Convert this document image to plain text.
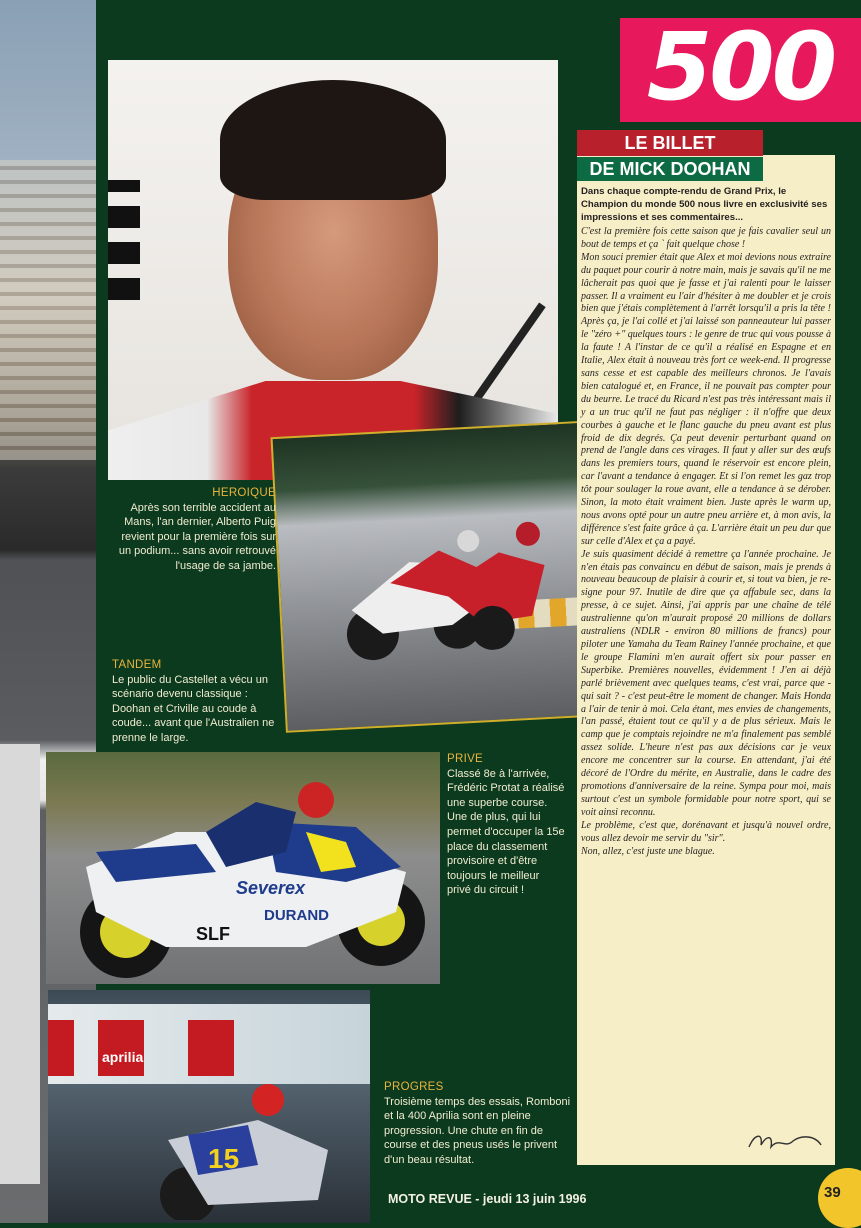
Severex
DURAND
SLF
aprilia
15
500
Dans chaque compte-rendu de Grand Prix, le Champion du monde 500 nous livre en exclusivité ses impressions et ses commentaires...

C'est la première fois cette saison que je fais cavalier seul un bout de temps et ça ` fait quelque chose !

Mon souci premier était que Alex et moi devions nous extraire du paquet pour courir à notre main, mais je savais qu'il ne me lâcherait pas quoi que je fasse et j'ai ralenti pour le laisser passer. Il a vraiment eu l'air d'hésiter à me doubler et je crois bien que j'étais complètement à l'arrêt lorsqu'il a pris la tête ! Après ça, je l'ai collé et j'ai laissé son panneauteur lui passer le "zéro +" quelques tours : le genre de truc qui vous pousse à la faute ! A l'instar de ce qu'il a réalisé en Espagne et en Italie, Alex était à nouveau très fort ce week-end. Il progresse sans cesse et est capable des meilleurs chronos. Je l'avais bien catalogué et, en France, il ne pouvait pas compter pour du beurre. Le tracé du Ricard n'est pas très intéressant mais il y a un truc qu'il ne faut pas négliger : il n'offre que deux courbes à gauche et le flanc gauche du pneu avant est plus froid de dix degrés. Ça peut devenir perturbant quand on prend de l'angle dans ces virages. Il faut y aller sur des œufs dans les premiers tours, quand le réservoir est encore plein, car l'avant a tendance à engager. Et si l'on remet les gaz trop tôt pour soulager la roue avant, elle a tendance à se dérober. Sinon, la moto était vraiment bien. Juste après le warm up, nous avons opté pour un autre pneu arrière et, à mon avis, la différence s'est faite grâce à ça. L'arrière était un peu dur que sur celle d'Alex et ça a payé.

Je suis quasiment décidé à remettre ça l'année prochaine. Je n'en étais pas convaincu en début de saison, mais je prends à nouveau beaucoup de plaisir à courir et, si tout va bien, je re-signe pour 97. Inutile de dire que ça affabule sec, dans la presse, à ce sujet. Ainsi, j'ai appris par une chaîne de télé australienne qu'on m'aurait proposé 20 millions de dollars australiens (NDLR - environ 80 millions de francs) pour piloter une Yamaha du Team Rainey l'année prochaine, et que le groupe Flamini m'en aurait offert six pour passer en Superbike. Premières nouvelles, évidemment ! J'en ai déjà parlé brièvement avec quelques teams, c'est vrai, parce que - qui sait ? - c'est peut-être le moment de changer. Mais Honda a l'air de tenir à moi. Cela étant, mes envies de changements, l'an passé, étaient tout ce qu'il y a de plus sérieux. Mais le camp que je comptais rejoindre ne m'a finalement pas semblé assez solide. L'heure n'est pas aux décisions car je veux encore me concentrer sur la course. En attendant, j'ai été décoré de l'Ordre du mérite, en Australie, dans le cadre des promotions d'anniversaire de la reine. Sympa pour moi, mais surtout c'est un symbole formidable pour notre sport, qui se voit ainsi reconnu.

Le problème, c'est que, dorénavant et jusqu'à nouvel ordre, vous allez devoir me servir du "sir".

Non, allez, c'est juste une blague.

LE BILLET
DE MICK DOOHAN
HEROIQUE
Après son terrible accident au Mans, l'an dernier, Alberto Puig revient pour la première fois sur un podium... sans avoir retrouvé l'usage de sa jambe.
TANDEM
Le public du Castellet a vécu un scénario devenu classique : Doohan et Criville au coude à coude... avant que l'Australien ne prenne le large.
PRIVE
Classé 8e à l'arrivée, Frédéric Protat a réalisé une superbe course. Une de plus, qui lui permet d'occuper la 15e place du classement provisoire et d'être toujours le meilleur privé du circuit !
PROGRES
Troisième temps des essais, Romboni et la 400 Aprilia sont en pleine progression. Une chute en fin de course et des pneus usés le privent d'un beau résultat.
MOTO REVUE - jeudi 13 juin 1996	39
